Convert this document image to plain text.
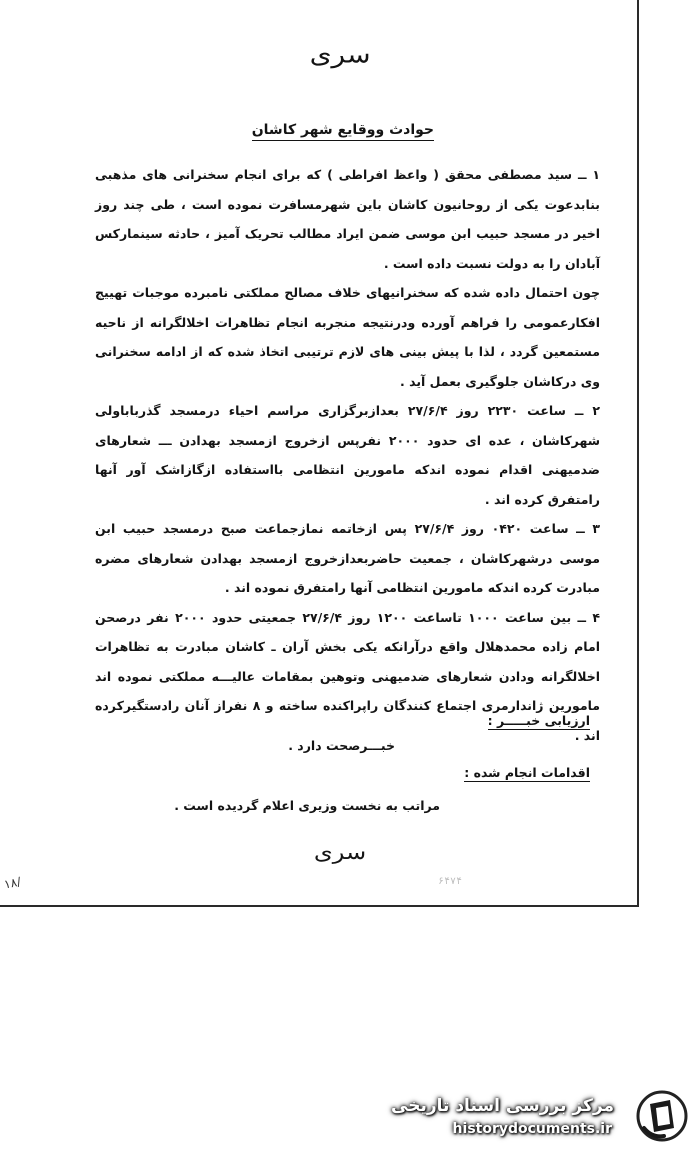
سری
حوادث ووقایع شهر کاشان

۱ ــ سید مصطفی محقق ( واعظ افراطی ) که برای انجام سخنرانی های مذهبی بنابدعوت یکی از روحانیون کاشان باین شهرمسافرت نموده است ، طی چند روز اخیر در مسجد حبیب ابن موسی ضمن ایراد مطالب تحریک آمیز ، حادثه سینمارکس آبادان را به دولت نسبت داده است .

چون احتمال داده شده که سخنرانیهای خلاف مصالح مملکتی نامبرده موجبات تهییج افکارعمومی را فراهم آورده ودرنتیجه منجربه انجام تظاهرات اخلالگرانه از ناحیه مستمعین گردد ، لذا با پیش بینی های لازم ترتیبی اتخاذ شده که از ادامه سخنرانی وی درکاشان جلوگیری بعمل آید .

۲ ــ ساعت ۲۲۳۰ روز ۲۷/۶/۴ بعدازبرگزاری مراسم احیاء درمسجد گذرباباولی شهرکاشان ، عده ای حدود ۲۰۰۰ نفرپس ازخروج ازمسجد بهدادن ـــ شعارهای ضدمیهنی اقدام نموده اندکه مامورین انتظامی بااستفاده ازگازاشک آور آنها رامتفرق کرده اند .

۳ ــ ساعت ۰۴۲۰ روز ۲۷/۶/۴ پس ازخاتمه نمازجماعت صبح درمسجد حبیب ابن موسی درشهرکاشان ، جمعیت حاضربعدازخروج ازمسجد بهدادن شعارهای مضره مبادرت کرده اندکه مامورین انتظامی آنها رامتفرق نموده اند .

۴ ــ بین ساعت ۱۰۰۰ تاساعت ۱۲۰۰ روز ۲۷/۶/۴ جمعیتی حدود ۲۰۰۰ نفر درصحن امام زاده محمدهلال واقع درآرانکه یکی بخش آران ـ کاشان مبادرت به تظاهرات اخلالگرانه ودادن شعارهای ضدمیهنی وتوهین بمقامات عالیـــه مملکتی نموده اند مامورین ژاندارمری اجتماع کنندگان راپراکنده ساخته و ۸ نفراز آنان رادستگیرکرده اند .

ارزیابی خبـــــر :
خبـــرصحت دارد .
اقدامات انجام شده :
مراتب به نخست وزیری اعلام گردیده است .
سری
۱۸/	۶۴۷۴
مرکز بررسی اسناد تاریخی
historydocuments.ir
